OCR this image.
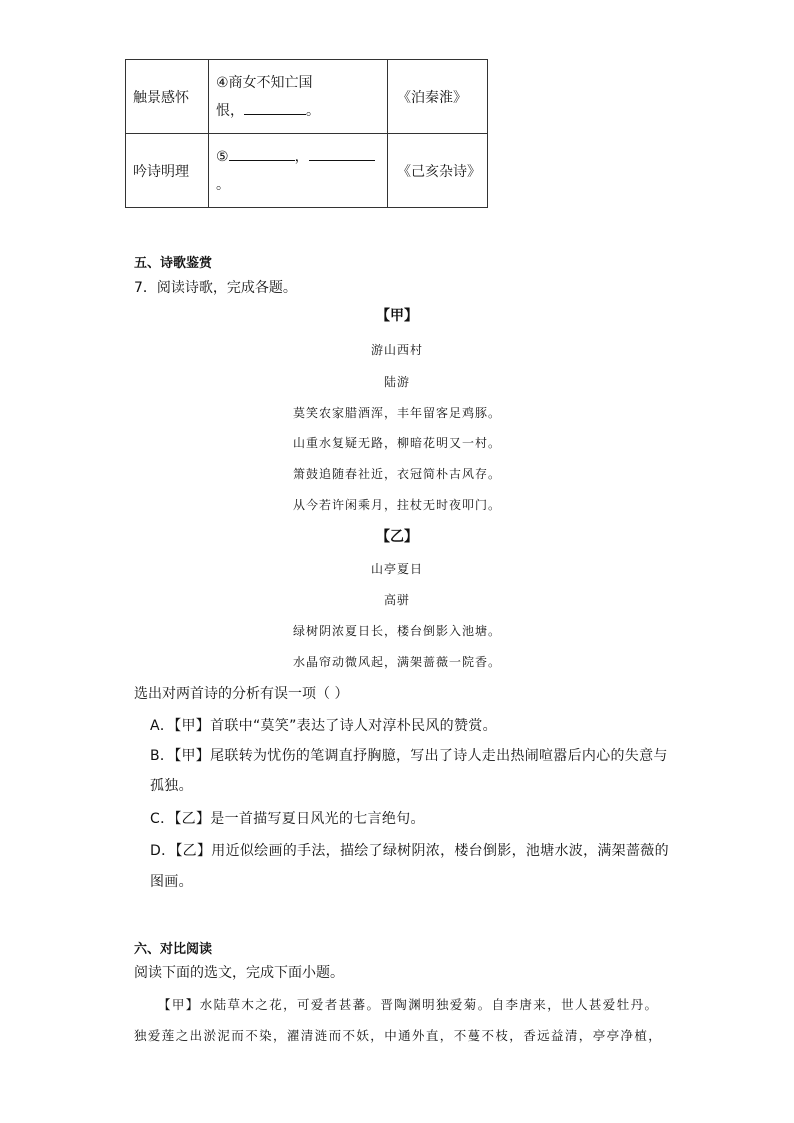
触景感怀	④商女不知亡国
恨， 。	《泊秦淮》
吟诗明理	⑤ ，
。	《己亥杂诗》
五、诗歌鉴赏
7．阅读诗歌，完成各题。
【甲】
游山西村
陆游
莫笑农家腊酒浑，丰年留客足鸡豚。
山重水复疑无路，柳暗花明又一村。
箫鼓追随春社近，衣冠简朴古风存。
从今若许闲乘月，拄杖无时夜叩门。
【乙】
山亭夏日
高骈
绿树阴浓夏日长，楼台倒影入池塘。
水晶帘动微风起，满架蔷薇一院香。
选出对两首诗的分析有误一项（ ）
A．【甲】首联中“莫笑”表达了诗人对淳朴民风的赞赏。
B．【甲】尾联转为忧伤的笔调直抒胸臆，写出了诗人走出热闹喧嚣后内心的失意与
孤独。
C．【乙】是一首描写夏日风光的七言绝句。
D．【乙】用近似绘画的手法，描绘了绿树阴浓，楼台倒影，池塘水波，满架蔷薇的
图画。
六、对比阅读
阅读下面的选文，完成下面小题。
【甲】水陆草木之花，可爱者甚蕃。晋陶渊明独爱菊。自李唐来，世人甚爱牡丹。
独爱莲之出淤泥而不染，濯清涟而不妖，中通外直，不蔓不枝，香远益清，亭亭净植，
